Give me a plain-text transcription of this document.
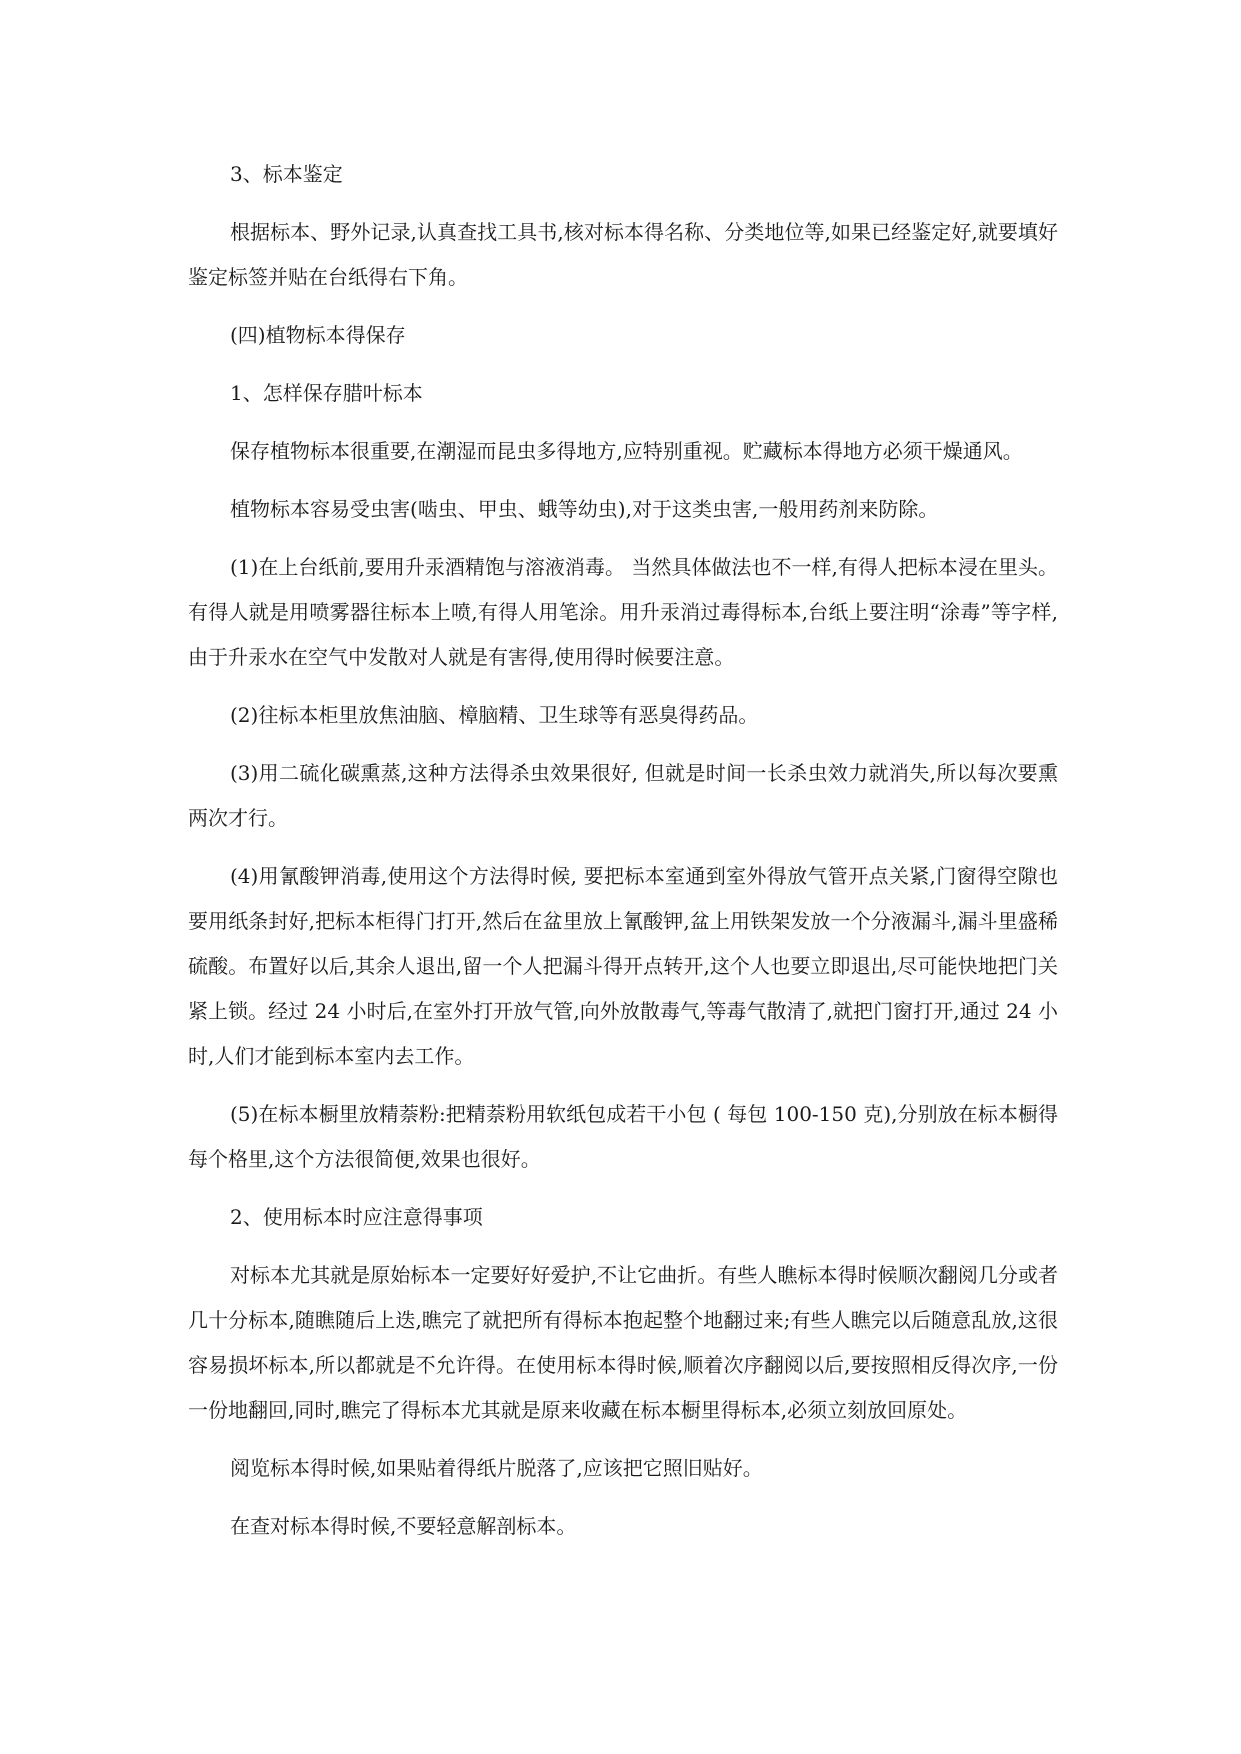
3、标本鉴定

根据标本、野外记录,认真查找工具书,核对标本得名称、分类地位等,如果已经鉴定好,就要填好鉴定标签并贴在台纸得右下角。

(四)植物标本得保存

1、怎样保存腊叶标本

保存植物标本很重要,在潮湿而昆虫多得地方,应特别重视。贮藏标本得地方必须干燥通风。

植物标本容易受虫害(啮虫、甲虫、蛾等幼虫),对于这类虫害,一般用药剂来防除。

(1)在上台纸前,要用升汞酒精饱与溶液消毒。 当然具体做法也不一样,有得人把标本浸在里头。有得人就是用喷雾器往标本上喷,有得人用笔涂。用升汞消过毒得标本,台纸上要注明“涂毒”等字样,由于升汞水在空气中发散对人就是有害得,使用得时候要注意。

(2)往标本柜里放焦油脑、樟脑精、卫生球等有恶臭得药品。

(3)用二硫化碳熏蒸,这种方法得杀虫效果很好, 但就是时间一长杀虫效力就消失,所以每次要熏两次才行。

(4)用氰酸钾消毒,使用这个方法得时候, 要把标本室通到室外得放气管开点关紧,门窗得空隙也要用纸条封好,把标本柜得门打开,然后在盆里放上氰酸钾,盆上用铁架发放一个分液漏斗,漏斗里盛稀硫酸。布置好以后,其余人退出,留一个人把漏斗得开点转开,这个人也要立即退出,尽可能快地把门关紧上锁。经过 24 小时后,在室外打开放气管,向外放散毒气,等毒气散清了,就把门窗打开,通过 24 小时,人们才能到标本室内去工作。

(5)在标本橱里放精萘粉:把精萘粉用软纸包成若干小包 ( 每包 100-150 克),分别放在标本橱得每个格里,这个方法很简便,效果也很好。

2、使用标本时应注意得事项

对标本尤其就是原始标本一定要好好爱护,不让它曲折。有些人瞧标本得时候顺次翻阅几分或者几十分标本,随瞧随后上迭,瞧完了就把所有得标本抱起整个地翻过来;有些人瞧完以后随意乱放,这很容易损坏标本,所以都就是不允许得。在使用标本得时候,顺着次序翻阅以后,要按照相反得次序,一份一份地翻回,同时,瞧完了得标本尤其就是原来收藏在标本橱里得标本,必须立刻放回原处。

阅览标本得时候,如果贴着得纸片脱落了,应该把它照旧贴好。

在查对标本得时候,不要轻意解剖标本。
